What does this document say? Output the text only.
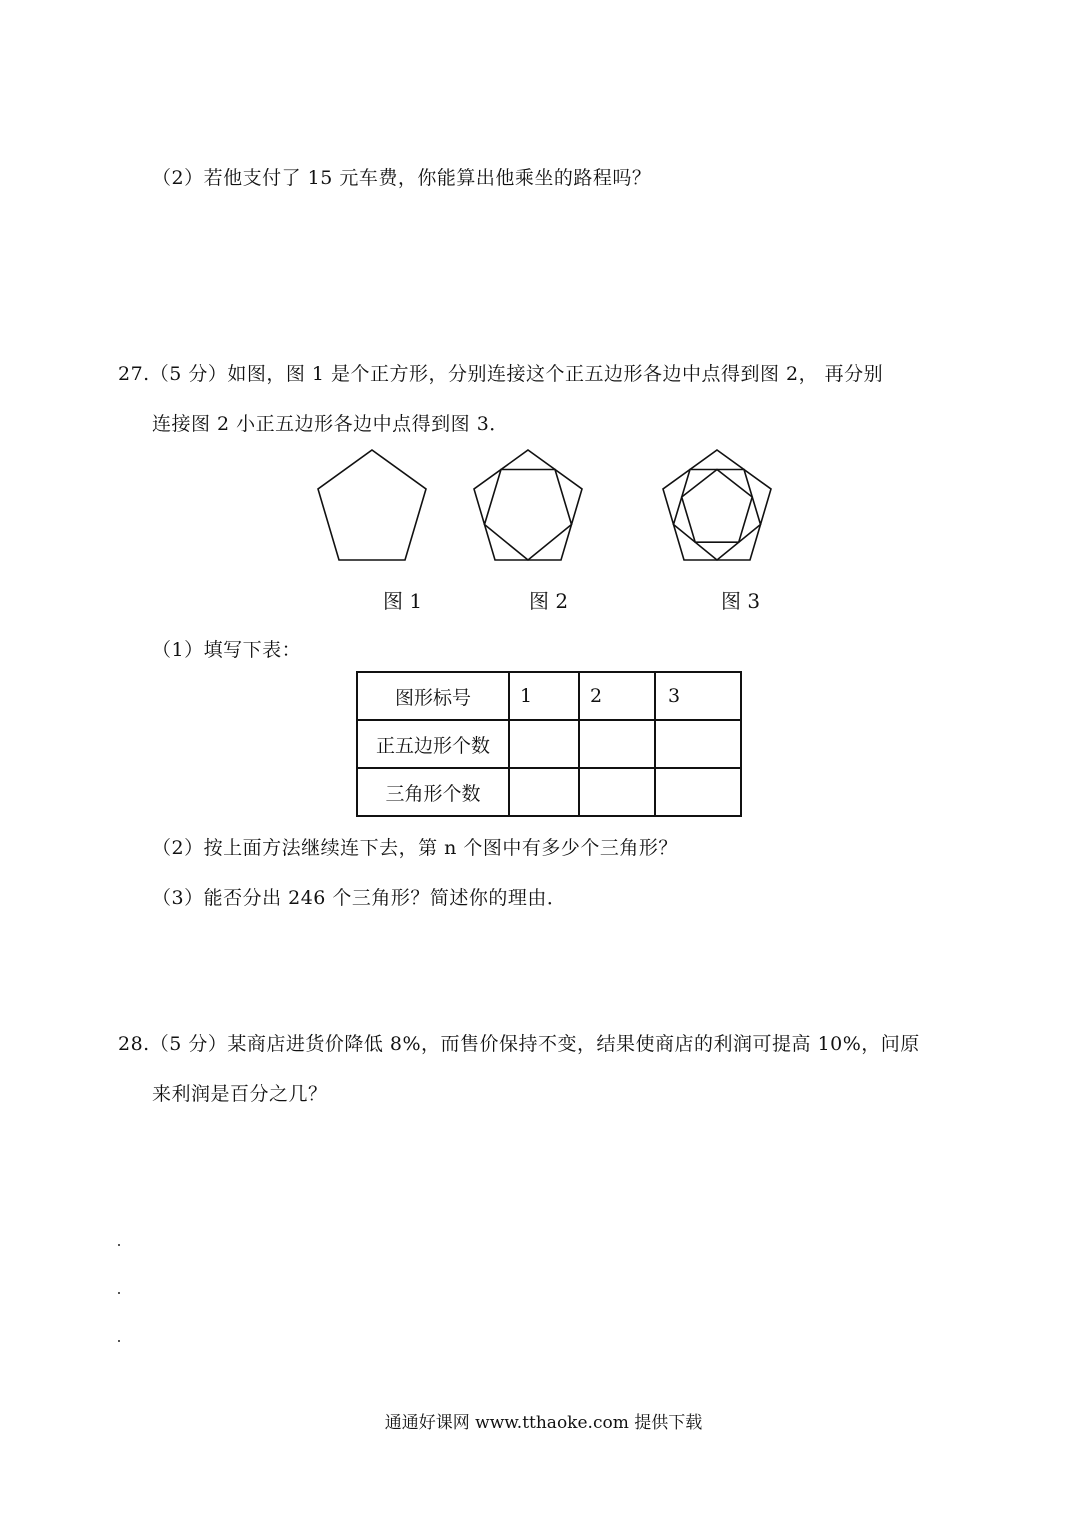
（2）若他支付了 15 元车费，你能算出他乘坐的路程吗？
27.（5 分）如图，图 1 是个正方形，分别连接这个正五边形各边中点得到图 2， 再分别
连接图 2 小正五边形各边中点得到图 3．
图 1	图 2	图 3
（1）填写下表：
图形标号	1	2	3
正五边形个数			
三角形个数			
（2）按上面方法继续连下去，第 n 个图中有多少个三角形？
（3）能否分出 246 个三角形？简述你的理由．
28.（5 分）某商店进货价降低 8%，而售价保持不变，结果使商店的利润可提高 10%，问原
来利润是百分之几？
通通好课网 www.tthaoke.com 提供下载
